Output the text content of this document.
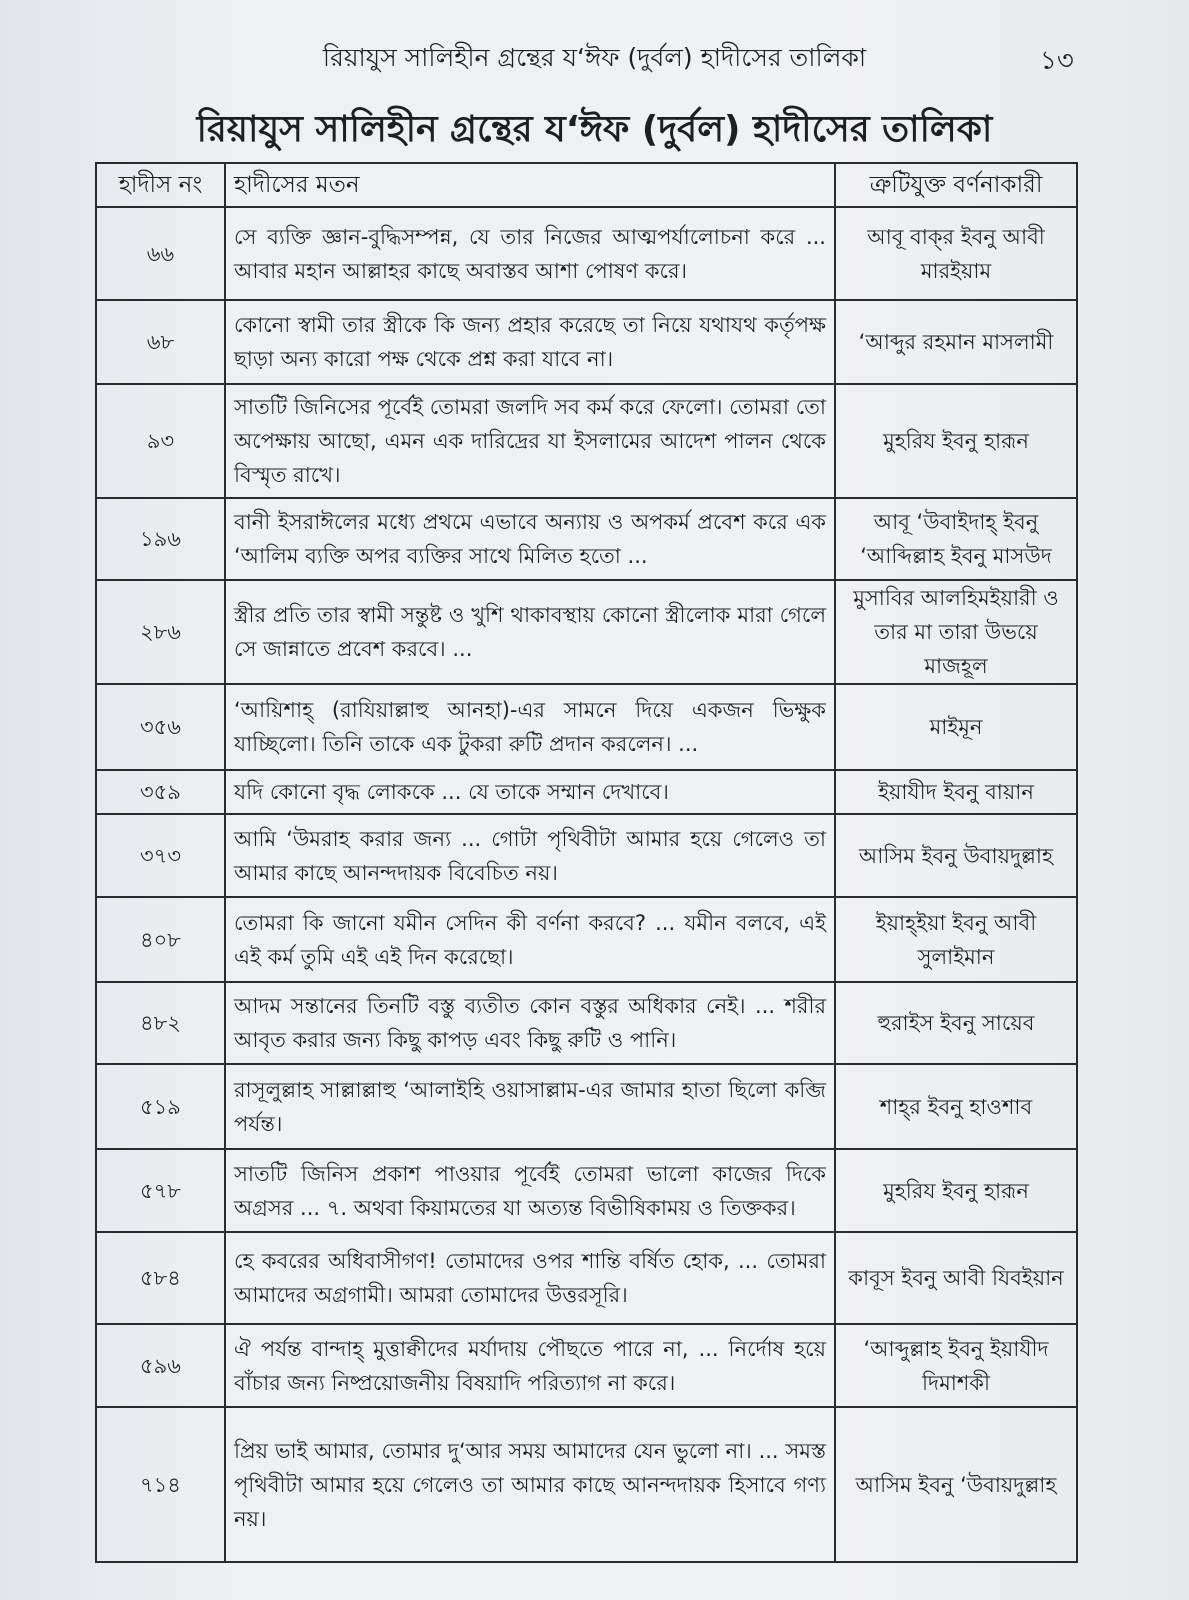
রিয়াযুস সালিহীন গ্রন্থের য‘ঈফ (দুর্বল) হাদীসের তালিকা	১৩
রিয়াযুস সালিহীন গ্রন্থের য‘ঈফ (দুর্বল) হাদীসের তালিকা
হাদীস নং	হাদীসের মতন	ত্রুটিযুক্ত বর্ণনাকারী
৬৬	সে ব্যক্তি জ্ঞান-বুদ্ধিসম্পন্ন, যে তার নিজের আত্মপর্যালোচনা করে ... আবার মহান আল্লাহর কাছে অবাস্তব আশা পোষণ করে।	আবূ বাক্‌র ইবনু আবী মারইয়াম
৬৮	কোনো স্বামী তার স্ত্রীকে কি জন্য প্রহার করেছে তা নিয়ে যথাযথ কর্তৃপক্ষ ছাড়া অন্য কারো পক্ষ থেকে প্রশ্ন করা যাবে না।	‘আব্দুর রহমান মাসলামী
৯৩	সাতটি জিনিসের পূর্বেই তোমরা জলদি সব কর্ম করে ফেলো। তোমরা তো অপেক্ষায় আছো, এমন এক দারিদ্রের যা ইসলামের আদেশ পালন থেকে বিস্মৃত রাখে।	মুহরিয ইবনু হারূন
১৯৬	বানী ইসরাঈলের মধ্যে প্রথমে এভাবে অন্যায় ও অপকর্ম প্রবেশ করে এক ‘আলিম ব্যক্তি অপর ব্যক্তির সাথে মিলিত হতো ...	আবূ ‘উবাইদাহ্ ইবনু ‘আব্দিল্লাহ ইবনু মাসউদ
২৮৬	স্ত্রীর প্রতি তার স্বামী সন্তুষ্ট ও খুশি থাকাবস্থায় কোনো স্ত্রীলোক মারা গেলে সে জান্নাতে প্রবেশ করবে। ...	মুসাবির আলহিমইয়ারী ও তার মা তারা উভয়ে মাজহূল
৩৫৬	‘আয়িশাহ্ (রাযিয়াল্লাহু আনহা)-এর সামনে দিয়ে একজন ভিক্ষুক যাচ্ছিলো। তিনি তাকে এক টুকরা রুটি প্রদান করলেন। ...	মাইমূন
৩৫৯	যদি কোনো বৃদ্ধ লোককে ... যে তাকে সম্মান দেখাবে।	ইয়াযীদ ইবনু বায়ান
৩৭৩	আমি ‘উমরাহ করার জন্য ... গোটা পৃথিবীটা আমার হয়ে গেলেও তা আমার কাছে আনন্দদায়ক বিবেচিত নয়।	আসিম ইবনু উবায়দুল্লাহ
৪০৮	তোমরা কি জানো যমীন সেদিন কী বর্ণনা করবে? ... যমীন বলবে, এই এই কর্ম তুমি এই এই দিন করেছো।	ইয়াহ্ইয়া ইবনু আবী সুলাইমান
৪৮২	আদম সন্তানের তিনটি বস্তু ব্যতীত কোন বস্তুর অধিকার নেই। ... শরীর আবৃত করার জন্য কিছু কাপড় এবং কিছু রুটি ও পানি।	হুরাইস ইবনু সায়েব
৫১৯	রাসূলুল্লাহ সাল্লাল্লাহু ‘আলাইহি ওয়াসাল্লাম-এর জামার হাতা ছিলো কব্জি পর্যন্ত।	শাহ্‌র ইবনু হাওশাব
৫৭৮	সাতটি জিনিস প্রকাশ পাওয়ার পূর্বেই তোমরা ভালো কাজের দিকে অগ্রসর ... ৭. অথবা কিয়ামতের যা অত্যন্ত বিভীষিকাময় ও তিক্তকর।	মুহরিয ইবনু হারূন
৫৮৪	হে কবরের অধিবাসীগণ! তোমাদের ওপর শান্তি বর্ষিত হোক, ... তোমরা আমাদের অগ্রগামী। আমরা তোমাদের উত্তরসূরি।	কাবূস ইবনু আবী যিবইয়ান
৫৯৬	ঐ পর্যন্ত বান্দাহ্ মুত্তাক্বীদের মর্যাদায় পৌছতে পারে না, ... নির্দোষ হয়ে বাঁচার জন্য নিষ্প্রয়োজনীয় বিষয়াদি পরিত্যাগ না করে।	‘আব্দুল্লাহ ইবনু ইয়াযীদ দিমাশকী
৭১৪	প্রিয় ভাই আমার, তোমার দু‘আর সময় আমাদের যেন ভুলো না। ... সমস্ত পৃথিবীটা আমার হয়ে গেলেও তা আমার কাছে আনন্দদায়ক হিসাবে গণ্য নয়।	আসিম ইবনু ‘উবায়দুল্লাহ
